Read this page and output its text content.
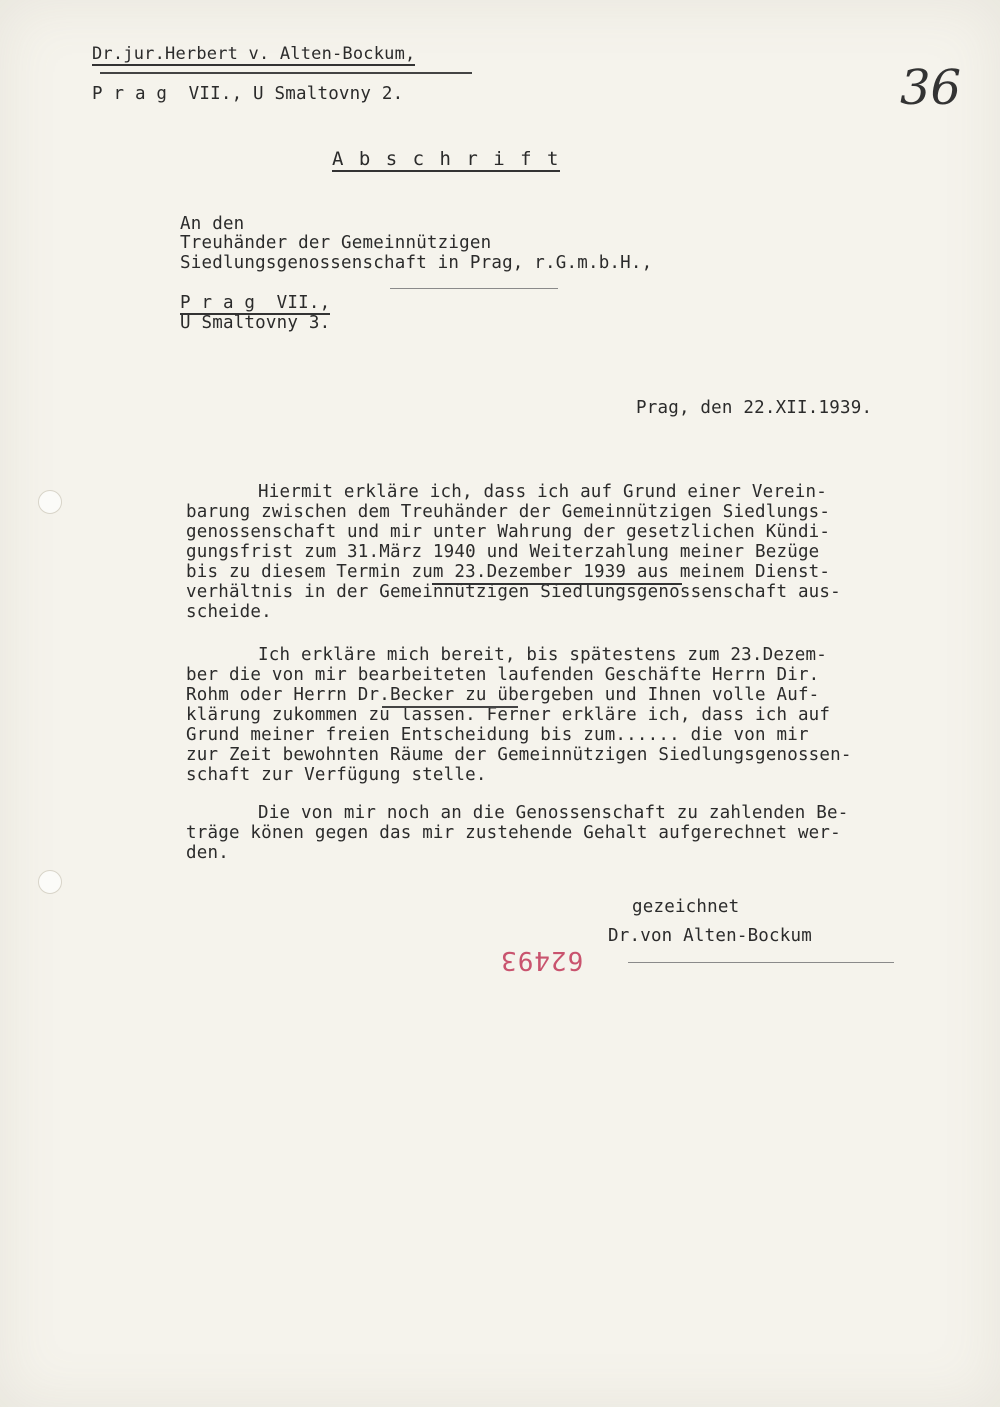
Dr.jur.Herbert v. Alten-Bockum,
P r a g  VII., U Smaltovny 2.	36
A b s c h r i f t
An den
Treuhänder der Gemeinnützigen
Siedlungsgenossenschaft in Prag, r.G.m.b.H.,
P r a g  VII.,
U Smaltovny 3.
Prag, den 22.XII.1939.
Hiermit erkläre ich, dass ich auf Grund einer Verein-
barung zwischen dem Treuhänder der Gemeinnützigen Siedlungs-
genossenschaft und mir unter Wahrung der gesetzlichen Kündi-
gungsfrist zum 31.März 1940 und Weiterzahlung meiner Bezüge
bis zu diesem Termin zum 23.Dezember 1939 aus meinem Dienst-
verhältnis in der Gemeinnützigen Siedlungsgenossenschaft aus-
scheide.
Ich erkläre mich bereit, bis spätestens zum 23.Dezem-
ber die von mir bearbeiteten laufenden Geschäfte Herrn Dir.
Rohm oder Herrn Dr.Becker zu übergeben und Ihnen volle Auf-
klärung zukommen zu lassen. Ferner erkläre ich, dass ich auf
Grund meiner freien Entscheidung bis zum...... die von mir
zur Zeit bewohnten Räume der Gemeinnützigen Siedlungsgenossen-
schaft zur Verfügung stelle.
Die von mir noch an die Genossenschaft zu zahlenden Be-
träge könen gegen das mir zustehende Gehalt aufgerechnet wer-
den.
gezeichnet
Dr.von Alten-Bockum
62493
